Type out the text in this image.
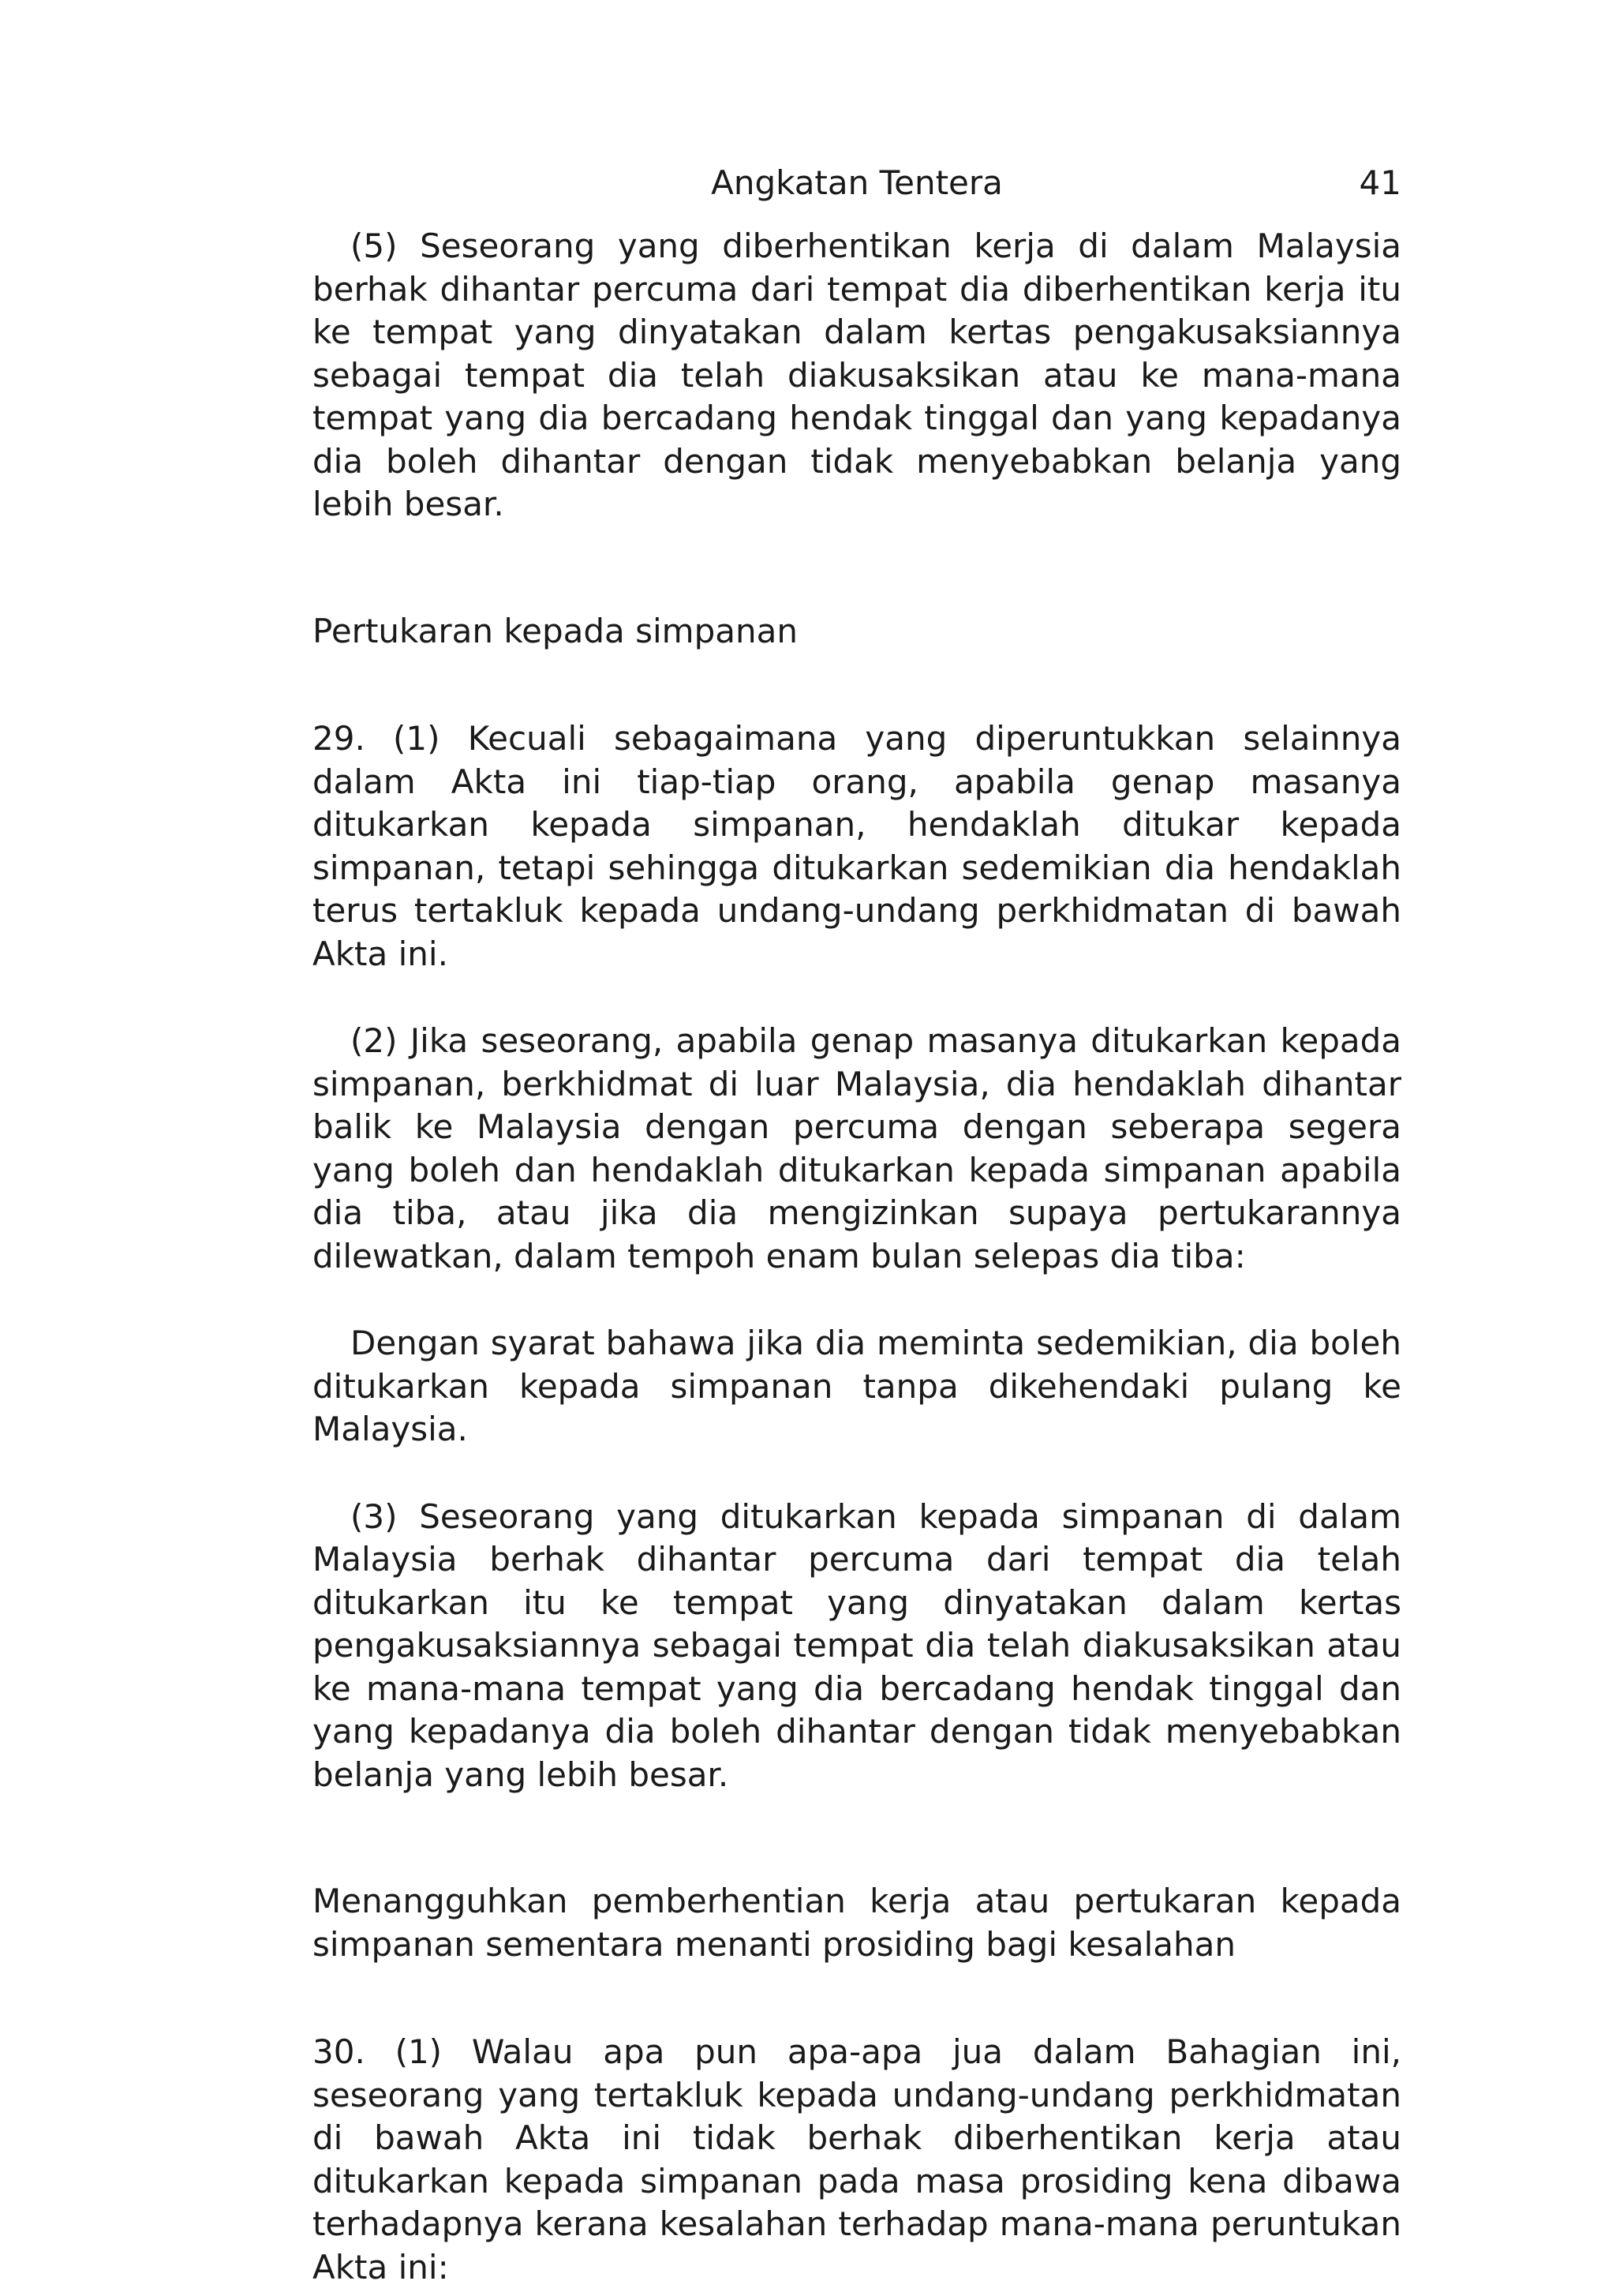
Angkatan Tentera	41

(5) Seseorang yang diberhentikan kerja di dalam Malaysia berhak dihantar percuma dari tempat dia diberhentikan kerja itu ke tempat yang dinyatakan dalam kertas pengakusaksiannya sebagai tempat dia telah diakusaksikan atau ke mana-mana tempat yang dia bercadang hendak tinggal dan yang kepadanya dia boleh dihantar dengan tidak menyebabkan belanja yang lebih besar.

Pertukaran kepada simpanan

29. (1) Kecuali sebagaimana yang diperuntukkan selainnya dalam Akta ini tiap-tiap orang, apabila genap masanya ditukarkan kepada simpanan, hendaklah ditukar kepada simpanan, tetapi sehingga ditukarkan sedemikian dia hendaklah terus tertakluk kepada undang-undang perkhidmatan di bawah Akta ini.

(2) Jika seseorang, apabila genap masanya ditukarkan kepada simpanan, berkhidmat di luar Malaysia, dia hendaklah dihantar balik ke Malaysia dengan percuma dengan seberapa segera yang boleh dan hendaklah ditukarkan kepada simpanan apabila dia tiba, atau jika dia mengizinkan supaya pertukarannya dilewatkan, dalam tempoh enam bulan selepas dia tiba:

Dengan syarat bahawa jika dia meminta sedemikian, dia boleh ditukarkan kepada simpanan tanpa dikehendaki pulang ke Malaysia.

(3) Seseorang yang ditukarkan kepada simpanan di dalam Malaysia berhak dihantar percuma dari tempat dia telah ditukarkan itu ke tempat yang dinyatakan dalam kertas pengakusaksiannya sebagai tempat dia telah diakusaksikan atau ke mana-mana tempat yang dia bercadang hendak tinggal dan yang kepadanya dia boleh dihantar dengan tidak menyebabkan belanja yang lebih besar.

Menangguhkan pemberhentian kerja atau pertukaran kepada simpanan sementara menanti prosiding bagi kesalahan

30. (1) Walau apa pun apa-apa jua dalam Bahagian ini, seseorang yang tertakluk kepada undang-undang perkhidmatan di bawah Akta ini tidak berhak diberhentikan kerja atau ditukarkan kepada simpanan pada masa prosiding kena dibawa terhadapnya kerana kesalahan terhadap mana-mana peruntukan Akta ini:
